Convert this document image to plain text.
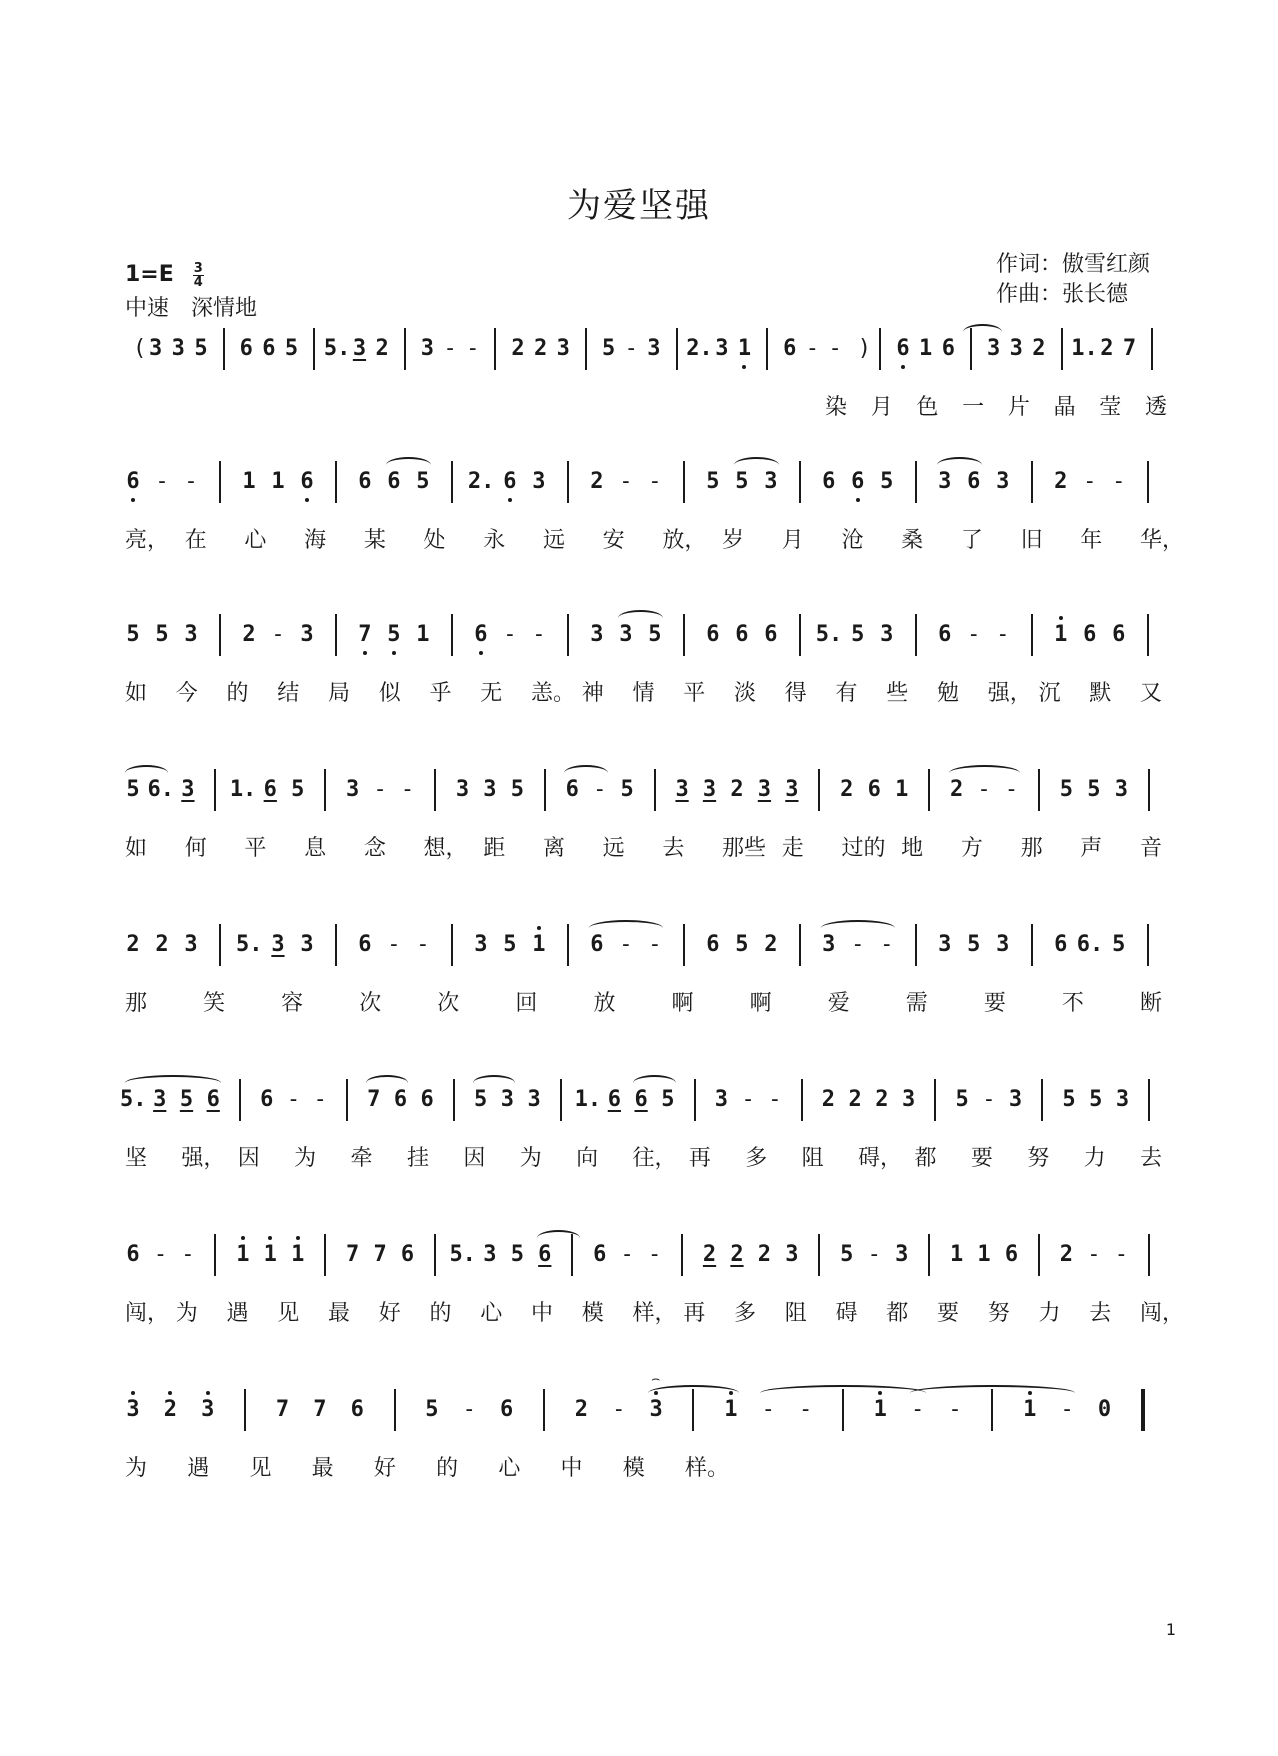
为爱坚强
$1=E \frac{3}{4}$
中速　深情地
作词：傲雪红颜
作曲：张长德
( 3 3 5 6 6 5 5. 3 2 3 - - 2 2 3 5 - 3 2. 3 1 6 - - ) 6 1 6 3 3 2 1. 2 7
染 月 色 一 片 晶 莹 透
6 - - 1 1 6 6 6 5 2. 6 3 2 - - 5 5 3 6 6 5 3 6 3 2 - -
亮， 在 心 海 某 处 永 远 安 放， 岁 月 沧 桑 了 旧 年 华，
5 5 3 2 - 3 7 5 1 6 - - 3 3 5 6 6 6 5. 5 3 6 - - 1 6 6
如 今 的 结 局 似 乎 无 恙。 神 情 平 淡 得 有 些 勉 强， 沉 默 又
5 6. 3 1. 6 5 3 - - 3 3 5 6 - 5 3 3 2 3 3 2 6 1 2 - - 5 5 3
如 何 平 息 念 想， 距 离 远 去 那些 走 过的 地 方 那 声 音
2 2 3 5. 3 3 6 - - 3 5 1 6 - - 6 5 2 3 - - 3 5 3 6 6. 5
那	笑	容	次	次	回	放	啊	啊	爱	需	要	不	断
5. 3 5 6 6 - - 7 6 6 5 3 3 1. 6 6 5 3 - - 2 2 2 3 5 - 3 5 5 3
坚 强， 因 为 牵 挂 因 为 向 往， 再 多 阻 碍， 都 要 努 力 去
6 - - 1 1 1 7 7 6 5. 3 5 6 6 - - 2 2 2 3 5 - 3 1 1 6 2 - -
闯， 为 遇 见 最 好 的 心 中 模 样， 再 多 阻 碍 都 要 努 力 去 闯，
3 2 3	7 7 6	5 - 6	2 - 3	1 - -	1 - -	1 - 0
⌢
为 遇 见 最 好 的 心 中 模 样。
1
